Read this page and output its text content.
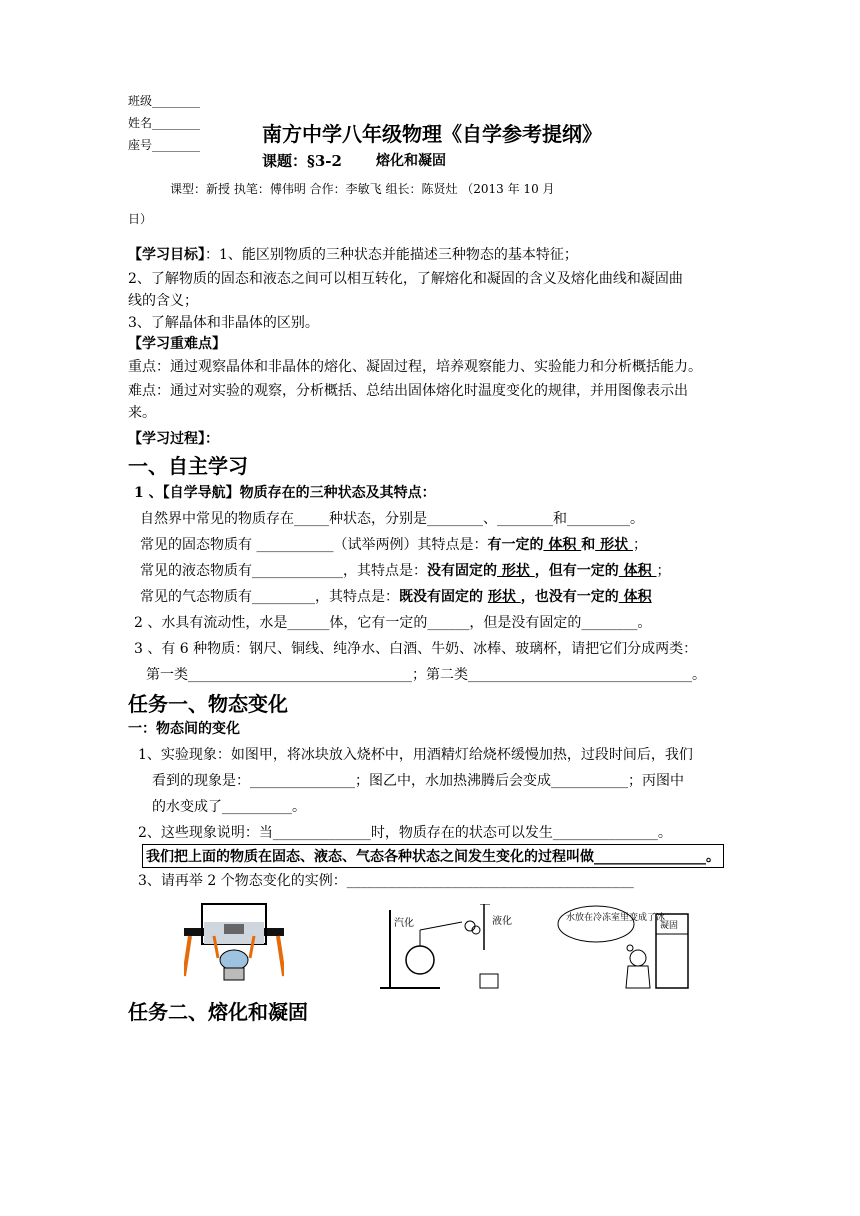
班级________
姓名________
座号________	南方中学八年级物理《自学参考提纲》
课题：§3-2 熔化和凝固
课型：新授 执笔：傅伟明 合作：李敏飞 组长：陈贤灶 （2013 年 10 月
日）
【学习目标】：1、能区别物质的三种状态并能描述三种物态的基本特征；
2、了解物质的固态和液态之间可以相互转化，了解熔化和凝固的含义及熔化曲线和凝固曲
线的含义；
3、了解晶体和非晶体的区别。
【学习重难点】
重点：通过观察晶体和非晶体的熔化、凝固过程，培养观察能力、实验能力和分析概括能力。
难点：通过对实验的观察，分析概括、总结出固体熔化时温度变化的规律，并用图像表示出
来。
【学习过程】：
一、自主学习
1 、【自学导航】物质存在的三种状态及其特点：
自然界中常见的物质存在_____种状态，分别是________、________和_________。
常见的固态物质有 ___________（试举两例）其特点是：有一定的 体积 和 形状 ；
常见的液态物质有_____________，其特点是：没有固定的 形状 ，但有一定的 体积 ；
常见的气态物质有_________，其特点是：既没有固定的 形状 ，也没有一定的 体积
2 、水具有流动性，水是______体，它有一定的______，但是没有固定的________。
3 、有 6 种物质：钢尺、铜线、纯净水、白酒、牛奶、冰棒、玻璃杯，请把它们分成两类：
第一类________________________________；第二类________________________________。
任务一、物态变化
一：物态间的变化
1、实验现象：如图甲，将冰块放入烧杯中，用酒精灯给烧杯缓慢加热，过段时间后，我们
看到的现象是：_______________；图乙中，水加热沸腾后会变成___________；丙图中
的水变成了__________。
2、这些现象说明：当______________时，物质存在的状态可以发生_______________。
我们把上面的物质在固态、液态、气态各种状态之间发生变化的过程叫做________________。
3、请再举 2 个物态变化的实例：_________________________________________
汽化	液化	水放在冷冻室里变成了冰
凝固
任务二、熔化和凝固
